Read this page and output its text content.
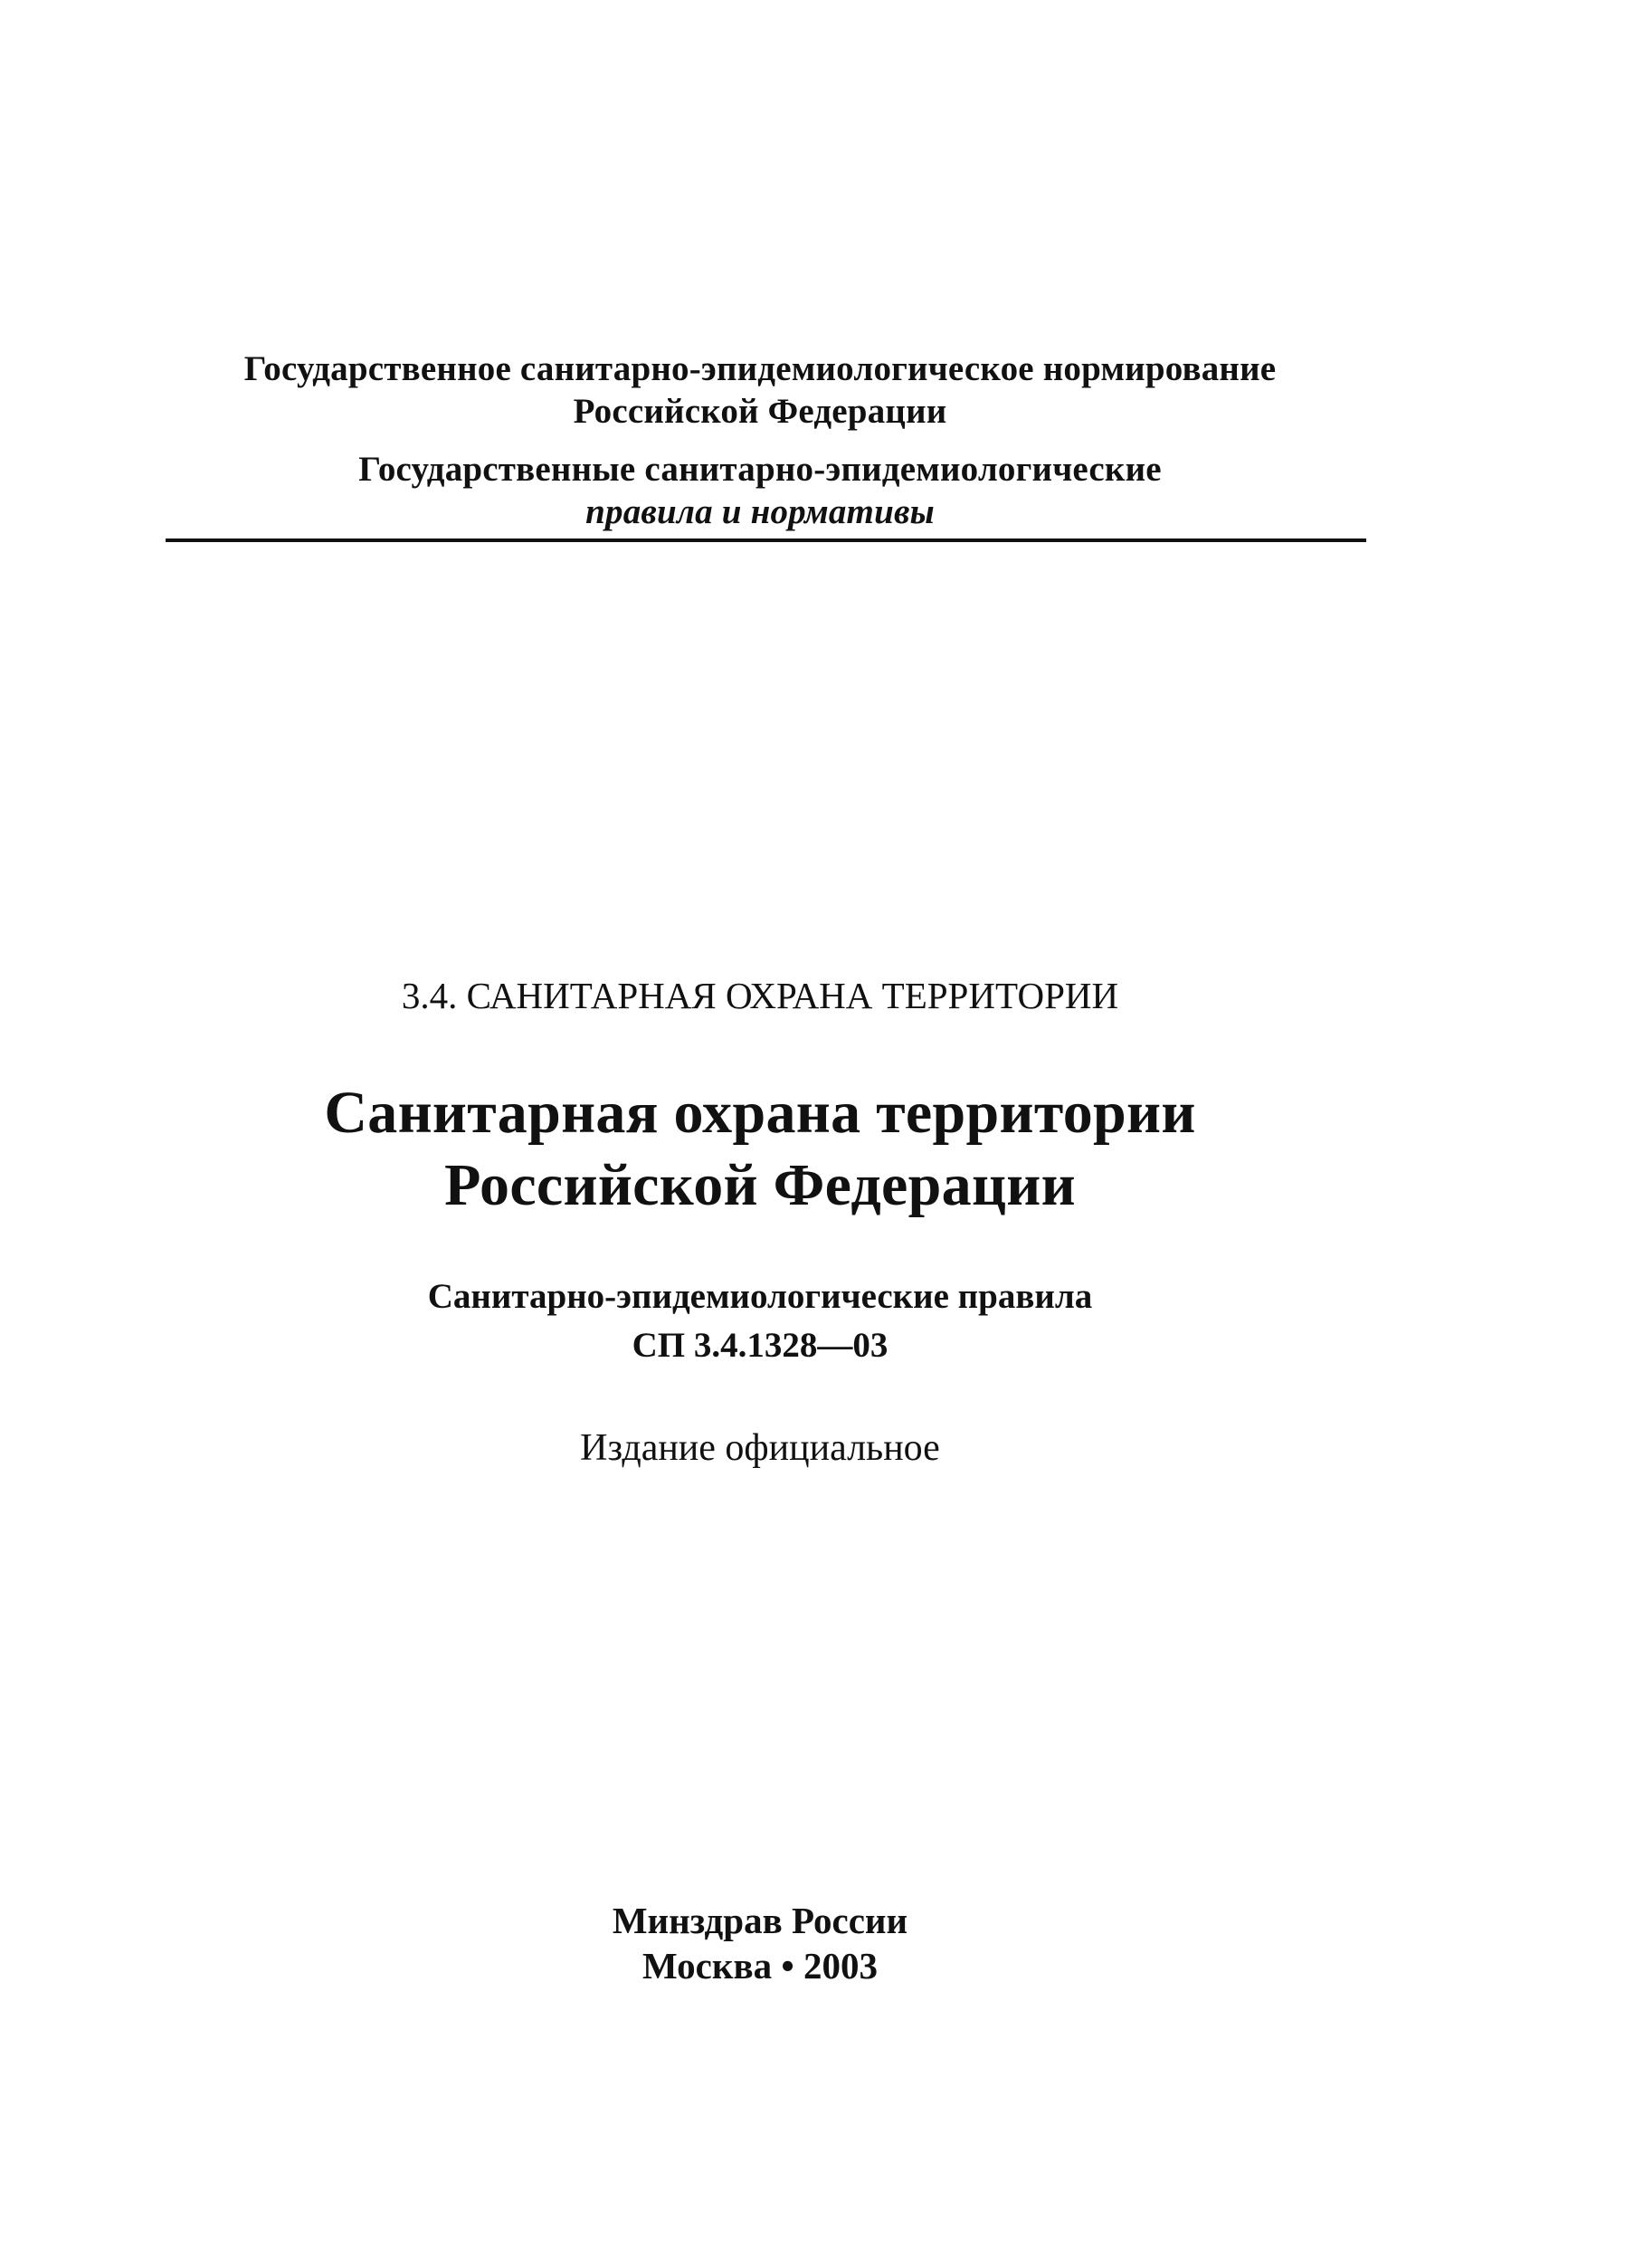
Государственное санитарно-эпидемиологическое нормирование
Российской Федерации
Государственные санитарно-эпидемиологические
правила и нормативы
3.4. САНИТАРНАЯ ОХРАНА ТЕРРИТОРИИ
Санитарная охрана территории
Российской Федерации
Санитарно-эпидемиологические правила
СП 3.4.1328—03
Издание официальное
Минздрав России
Москва • 2003
